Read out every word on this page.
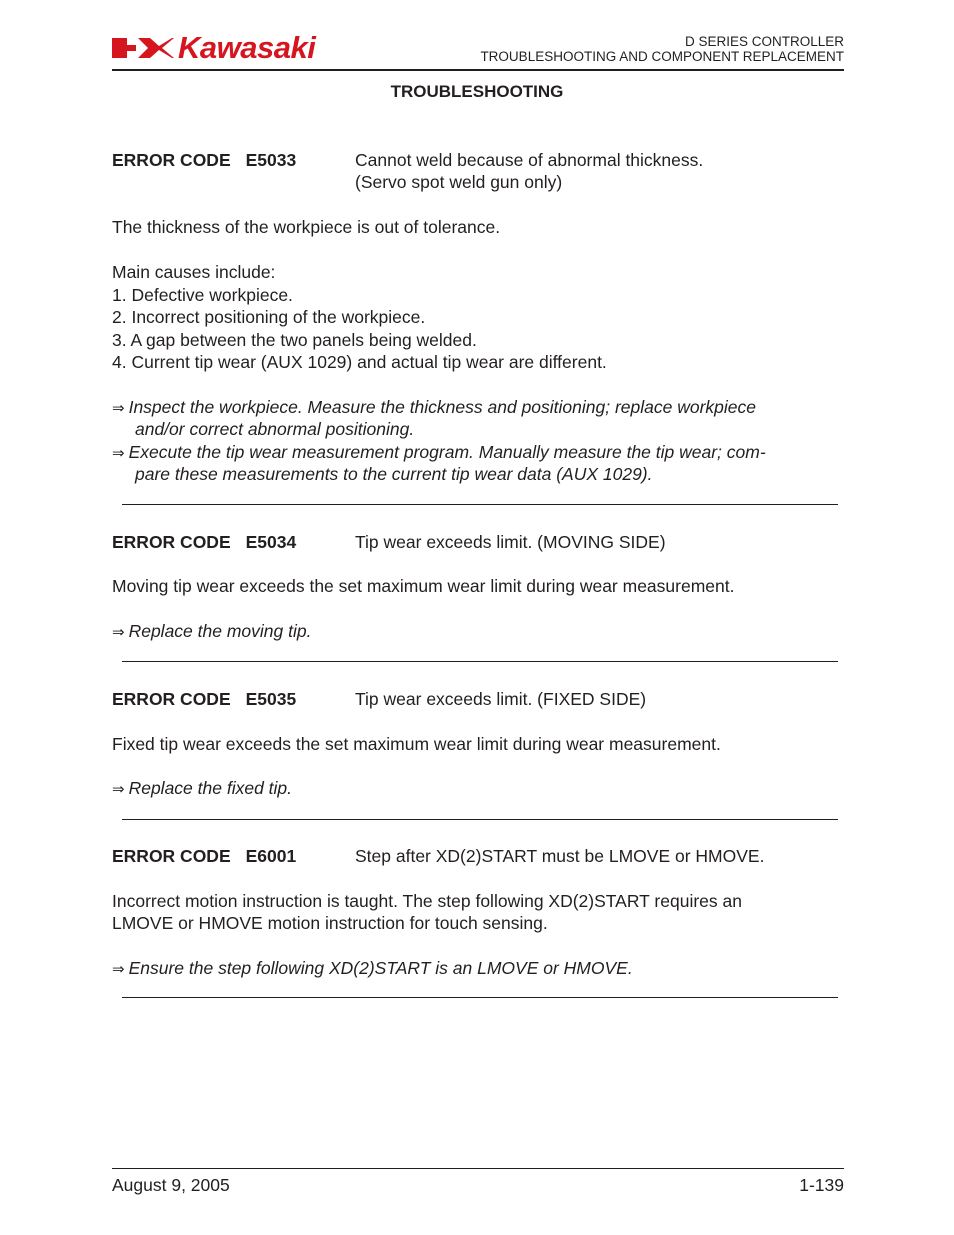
Kawasaki	D SERIES CONTROLLER
TROUBLESHOOTING AND COMPONENT REPLACEMENT
TROUBLESHOOTING
ERROR CODE E5033	Cannot weld because of abnormal thickness.
(Servo spot weld gun only)
The thickness of the workpiece is out of tolerance.
Main causes include:
1. Defective workpiece.
2. Incorrect positioning of the workpiece.
3. A gap between the two panels being welded.
4. Current tip wear (AUX 1029) and actual tip wear are different.
⇒ Inspect the workpiece. Measure the thickness and positioning; replace workpiece
and/or correct abnormal positioning.
⇒ Execute the tip wear measurement program. Manually measure the tip wear; com-
pare these measurements to the current tip wear data (AUX 1029).
ERROR CODE E5034	Tip wear exceeds limit. (MOVING SIDE)
Moving tip wear exceeds the set maximum wear limit during wear measurement.
⇒ Replace the moving tip.
ERROR CODE E5035	Tip wear exceeds limit. (FIXED SIDE)
Fixed tip wear exceeds the set maximum wear limit during wear measurement.
⇒ Replace the fixed tip.
ERROR CODE E6001	Step after XD(2)START must be LMOVE or HMOVE.
Incorrect motion instruction is taught. The step following XD(2)START requires an
LMOVE or HMOVE motion instruction for touch sensing.
⇒ Ensure the step following XD(2)START is an LMOVE or HMOVE.
August 9, 2005	1-139
